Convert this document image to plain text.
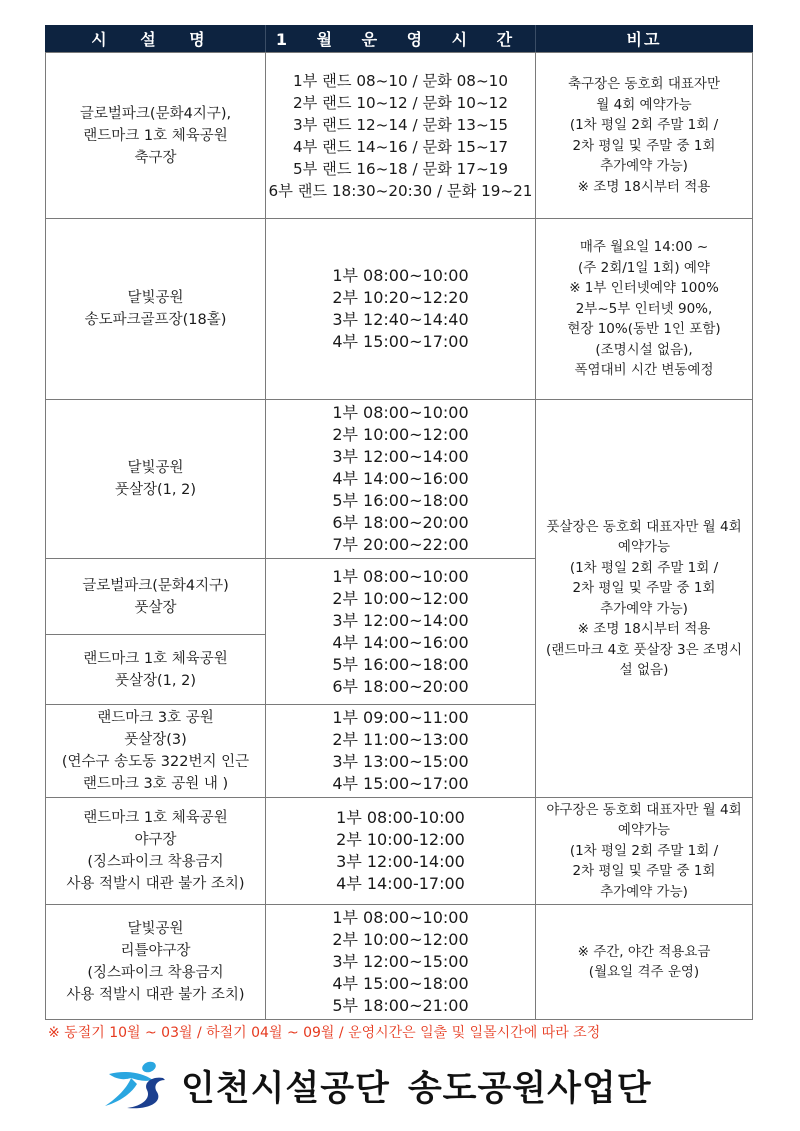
시 설 명	1 월 운 영 시 간	비고
글로벌파크(문화4지구),
랜드마크 1호 체육공원
축구장
1부 랜드 08~10 / 문화 08~10
2부 랜드 10~12 / 문화 10~12
3부 랜드 12~14 / 문화 13~15
4부 랜드 14~16 / 문화 15~17
5부 랜드 16~18 / 문화 17~19
6부 랜드 18:30~20:30 / 문화 19~21
축구장은 동호회 대표자만
월 4회 예약가능
(1차 평일 2회 주말 1회 /
2차 평일 및 주말 중 1회
추가예약 가능)
※ 조명 18시부터 적용
달빛공원
송도파크골프장(18홀)
1부 08:00~10:00
2부 10:20~12:20
3부 12:40~14:40
4부 15:00~17:00
매주 월요일 14:00 ~
(주 2회/1일 1회) 예약
※ 1부 인터넷예약 100%
2부~5부 인터넷 90%,
현장 10%(동반 1인 포함)
(조명시설 없음),
폭염대비 시간 변동예정
달빛공원
풋살장(1, 2)
1부 08:00~10:00
2부 10:00~12:00
3부 12:00~14:00
4부 14:00~16:00
5부 16:00~18:00
6부 18:00~20:00
7부 20:00~22:00
풋살장은 동호회 대표자만 월 4회
예약가능
(1차 평일 2회 주말 1회 /
2차 평일 및 주말 중 1회
추가예약 가능)
※ 조명 18시부터 적용
(랜드마크 4호 풋살장 3은 조명시
설 없음)
글로벌파크(문화4지구)
풋살장
랜드마크 1호 체육공원
풋살장(1, 2)
1부 08:00~10:00
2부 10:00~12:00
3부 12:00~14:00
4부 14:00~16:00
5부 16:00~18:00
6부 18:00~20:00
랜드마크 3호 공원
풋살장(3)
(연수구 송도동 322번지 인근
랜드마크 3호 공원 내 )
1부 09:00~11:00
2부 11:00~13:00
3부 13:00~15:00
4부 15:00~17:00
랜드마크 1호 체육공원
야구장
(징스파이크 착용금지
사용 적발시 대관 불가 조치)
1부 08:00-10:00
2부 10:00-12:00
3부 12:00-14:00
4부 14:00-17:00
야구장은 동호회 대표자만 월 4회
예약가능
(1차 평일 2회 주말 1회 /
2차 평일 및 주말 중 1회
추가예약 가능)
달빛공원
리틀야구장
(징스파이크 착용금지
사용 적발시 대관 불가 조치)
1부 08:00~10:00
2부 10:00~12:00
3부 12:00~15:00
4부 15:00~18:00
5부 18:00~21:00
※ 주간, 야간 적용요금
(월요일 격주 운영)
※ 동절기 10월 ~ 03월 / 하절기 04월 ~ 09월 / 운영시간은 일출 및 일몰시간에 따라 조정
인천시설공단 송도공원사업단
